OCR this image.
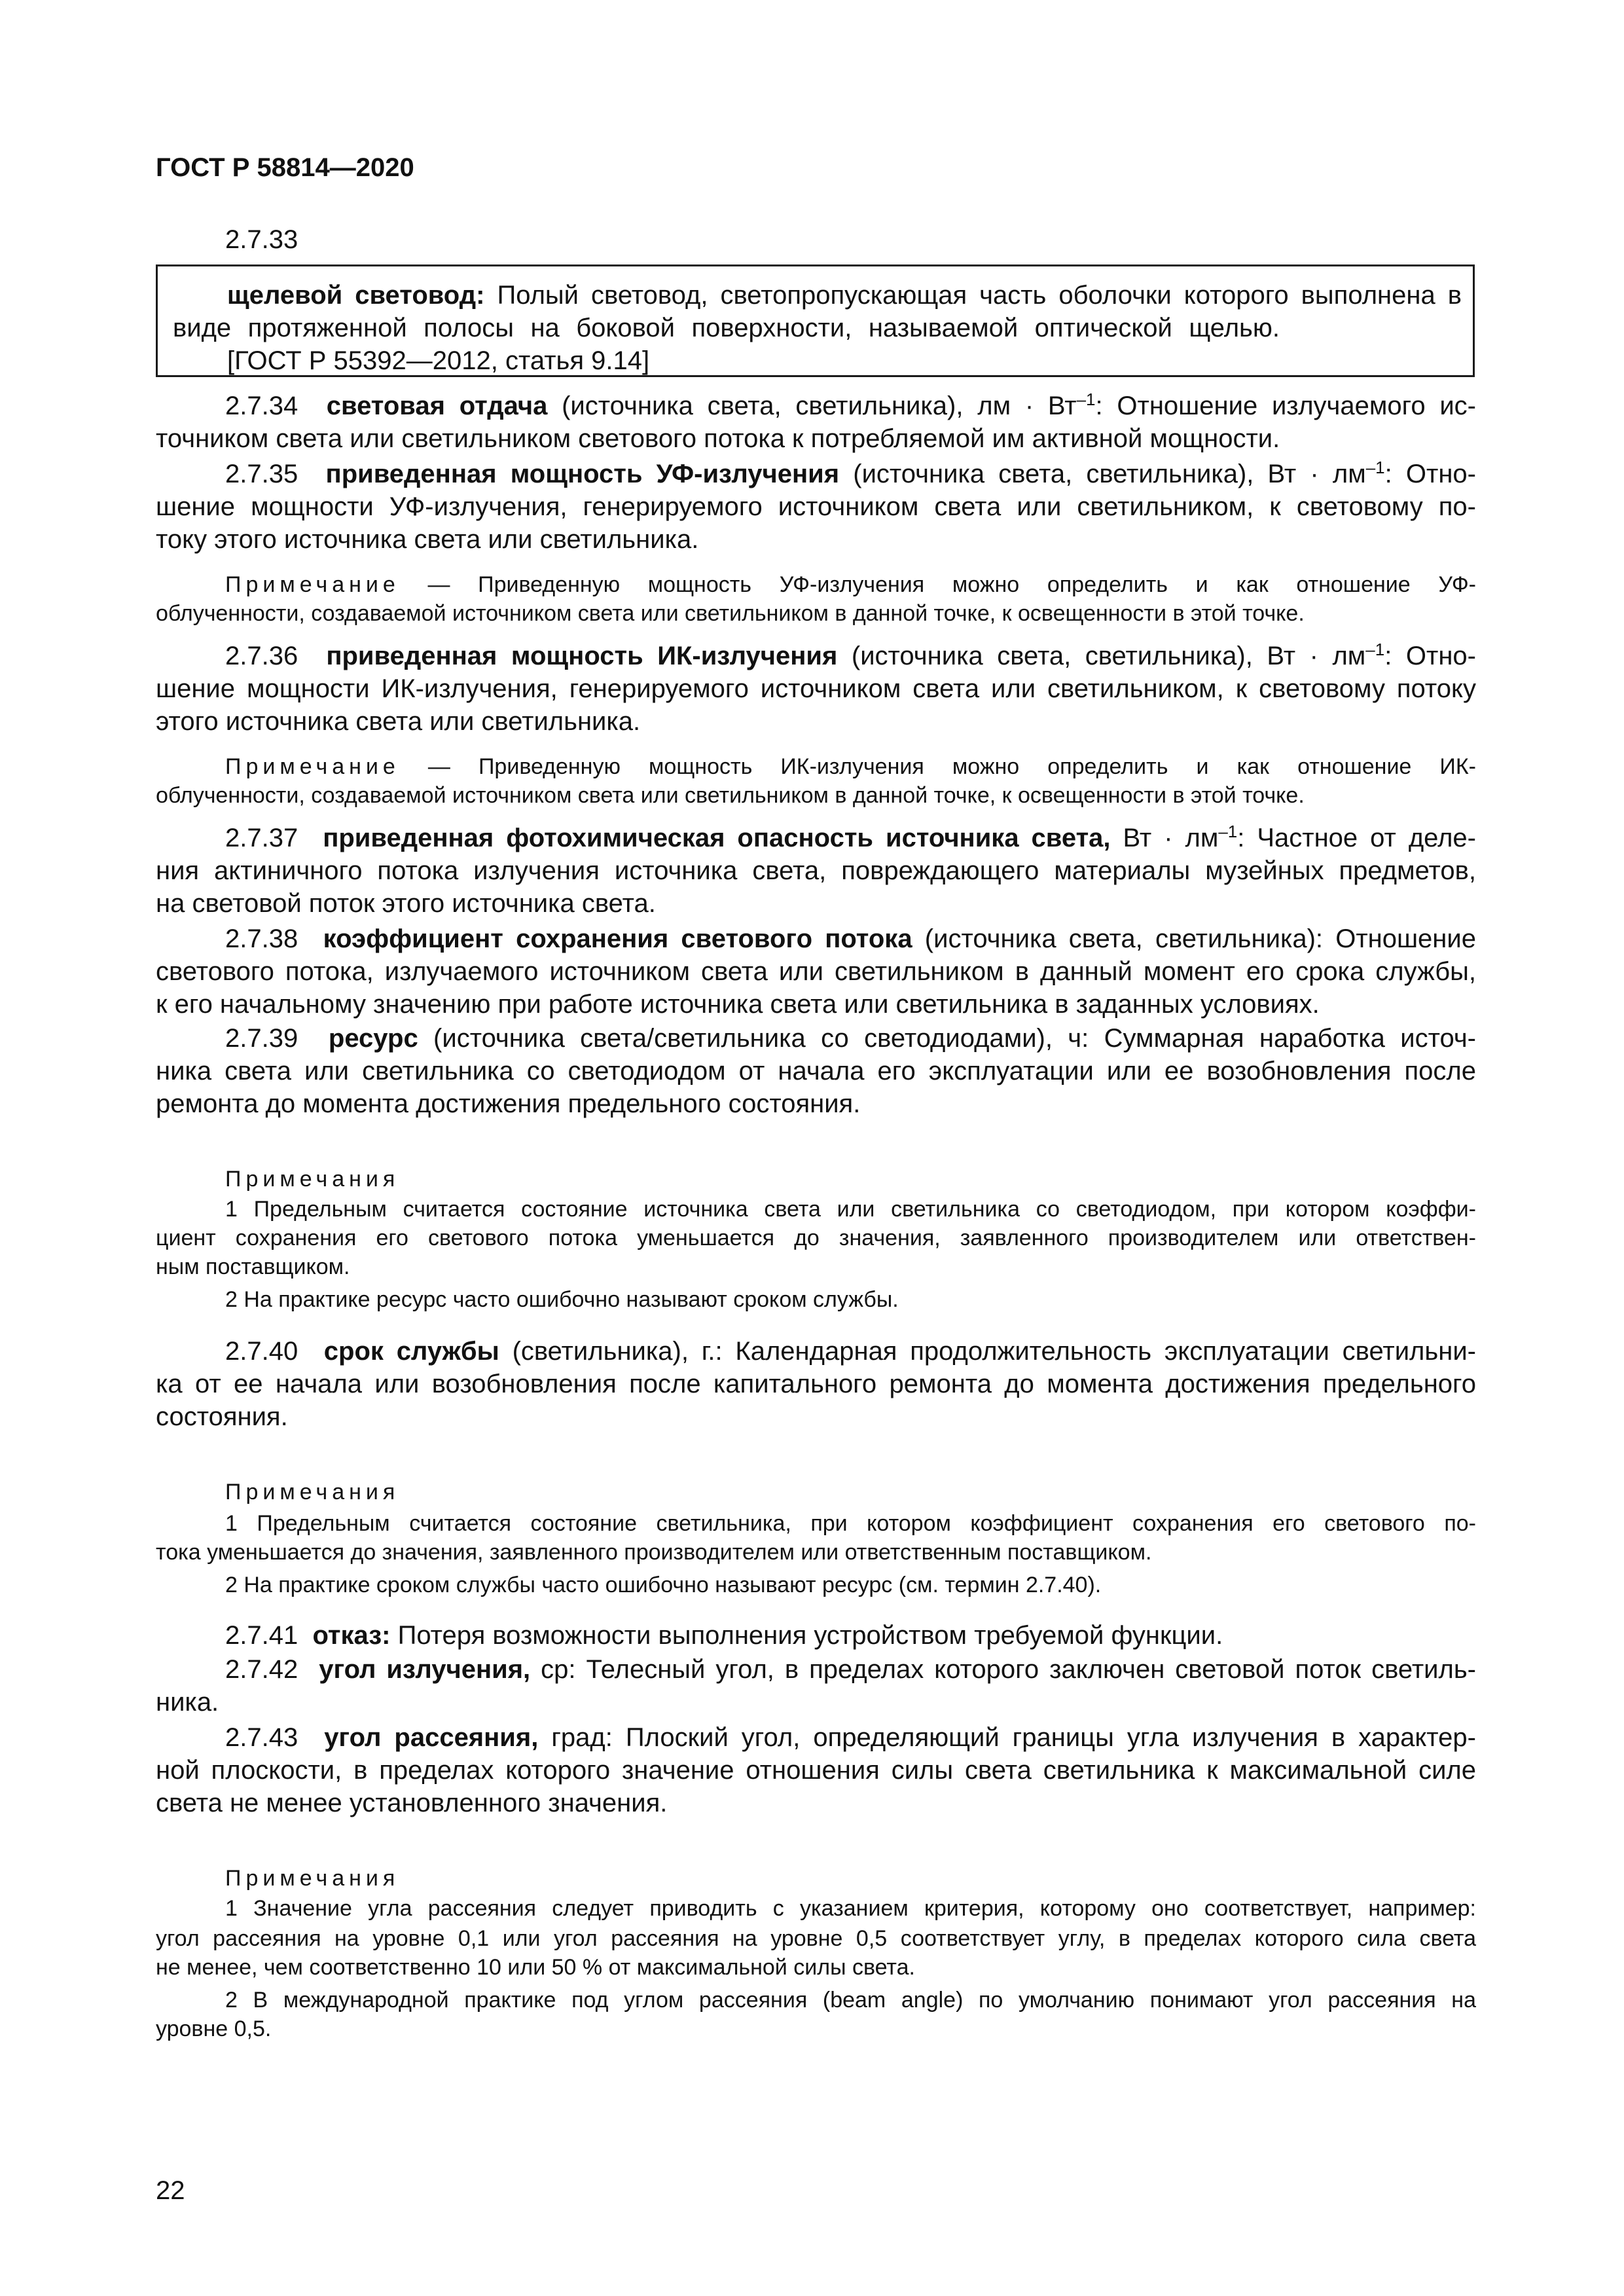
ГОСТ Р 58814—2020
2.7.33
щелевой световод: Полый световод, светопропускающая часть оболочки которого выполнена в
виде протяженной полосы на боковой поверхности, называемой оптической щелью.
[ГОСТ Р 55392—2012, статья 9.14]
2.7.34 световая отдача (источника света, светильника), лм · $Вт^{-1}$: Отношение излучаемого ис-
точником света или светильником светового потока к потребляемой им активной мощности.
2.7.35 приведенная мощность УФ-излучения (источника света, светильника), Вт · $лм^{-1}$: Отно-
шение мощности УФ-излучения, генерируемого источником света или светильником, к световому по-
току этого источника света или светильника.
Примечание — Приведенную мощность УФ-излучения можно определить и как отношение УФ-
облученности, создаваемой источником света или светильником в данной точке, к освещенности в этой точке.
2.7.36 приведенная мощность ИК-излучения (источника света, светильника), Вт · $лм^{-1}$: Отно-
шение мощности ИК-излучения, генерируемого источником света или светильником, к световому потоку
этого источника света или светильника.
Примечание — Приведенную мощность ИК-излучения можно определить и как отношение ИК-
облученности, создаваемой источником света или светильником в данной точке, к освещенности в этой точке.
2.7.37 приведенная фотохимическая опасность источника света, Вт · $лм^{-1}$: Частное от деле-
ния актиничного потока излучения источника света, повреждающего материалы музейных предметов,
на световой поток этого источника света.
2.7.38 коэффициент сохранения светового потока (источника света, светильника): Отношение
светового потока, излучаемого источником света или светильником в данный момент его срока службы,
к его начальному значению при работе источника света или светильника в заданных условиях.
2.7.39 ресурс (источника света/светильника со светодиодами), ч: Суммарная наработка источ-
ника света или светильника со светодиодом от начала его эксплуатации или ее возобновления после
ремонта до момента достижения предельного состояния.
Примечания
1 Предельным считается состояние источника света или светильника со светодиодом, при котором коэффи-
циент сохранения его светового потока уменьшается до значения, заявленного производителем или ответствен-
ным поставщиком.
2 На практике ресурс часто ошибочно называют сроком службы.
2.7.40 срок службы (светильника), г.: Календарная продолжительность эксплуатации светильни-
ка от ее начала или возобновления после капитального ремонта до момента достижения предельного
состояния.
Примечания
1 Предельным считается состояние светильника, при котором коэффициент сохранения его светового по-
тока уменьшается до значения, заявленного производителем или ответственным поставщиком.
2 На практике сроком службы часто ошибочно называют ресурс (см. термин 2.7.40).
2.7.41 отказ: Потеря возможности выполнения устройством требуемой функции.
2.7.42 угол излучения, ср: Телесный угол, в пределах которого заключен световой поток светиль-
ника.
2.7.43 угол рассеяния, град: Плоский угол, определяющий границы угла излучения в характер-
ной плоскости, в пределах которого значение отношения силы света светильника к максимальной силе
света не менее установленного значения.
Примечания
1 Значение угла рассеяния следует приводить с указанием критерия, которому оно соответствует, например:
угол рассеяния на уровне 0,1 или угол рассеяния на уровне 0,5 соответствует углу, в пределах которого сила света
не менее, чем соответственно 10 или 50 % от максимальной силы света.
2 В международной практике под углом рассеяния (beam angle) по умолчанию понимают угол рассеяния на
уровне 0,5.
22
